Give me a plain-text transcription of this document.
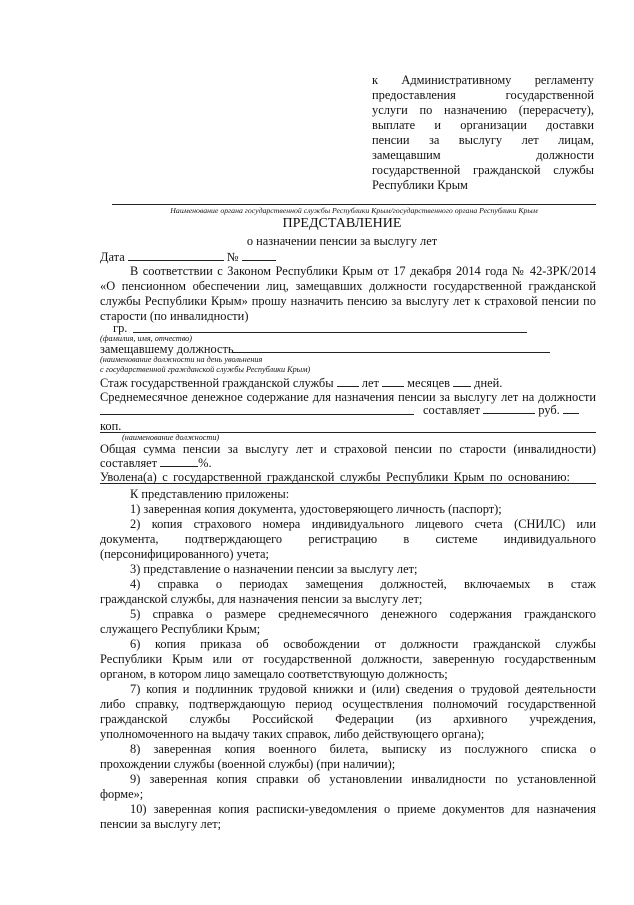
к Административному регламенту
предоставления государственной
услуги по назначению (перерасчету),
выплате и организации доставки
пенсии за выслугу лет лицам,
замещавшим должности
государственной гражданской службы
Республики Крым
Наименование органа государственной службы Республики Крым/государственного органа Республики Крым
ПРЕДСТАВЛЕНИЕ
о назначении пенсии за выслугу лет
Дата	№
В соответствии с Законом Республики Крым от 17 декабря 2014 года № 42-ЗРК/2014
«О пенсионном обеспечении лиц, замещавших должности государственной гражданской
службы Республики Крым» прошу назначить пенсию за выслугу лет к страховой пенсии по
старости (по инвалидности)
гр.
(фамилия, имя, отчество)
замещавшему должность
(наименование должности на день увольнения
с государственной гражданской службы Республики Крым)
Стаж государственной гражданской службы лет месяцев дней.
Среднемесячное денежное содержание для назначения пенсии за выслугу лет на должности
составляет	руб.
коп.
(наименование должности)
Общая сумма пенсии за выслугу лет и страховой пенсии по старости (инвалидности)
составляет	%.
Уволена(а) с государственной гражданской службы Республики Крым по основанию:
К представлению приложены:
1) заверенная копия документа, удостоверяющего личность (паспорт);
2) копия страхового номера индивидуального лицевого счета (СНИЛС) или
документа, подтверждающего регистрацию в системе индивидуального
(персонифицированного) учета;
3) представление о назначении пенсии за выслугу лет;
4) справка о периодах замещения должностей, включаемых в стаж
гражданской службы, для назначения пенсии за выслугу лет;
5) справка о размере среднемесячного денежного содержания гражданского
служащего Республики Крым;
6) копия приказа об освобождении от должности гражданской службы
Республики Крым или от государственной должности, заверенную государственным
органом, в котором лицо замещало соответствующую должность;
7) копия и подлинник трудовой книжки и (или) сведения о трудовой деятельности
либо справку, подтверждающую период осуществления полномочий государственной
гражданской службы Российской Федерации (из архивного учреждения,
уполномоченного на выдачу таких справок, либо действующего органа);
8) заверенная копия военного билета, выписку из послужного списка о
прохождении службы (военной службы) (при наличии);
9) заверенная копия справки об установлении инвалидности по установленной
форме»;
10) заверенная копия расписки-уведомления о приеме документов для назначения
пенсии за выслугу лет;
